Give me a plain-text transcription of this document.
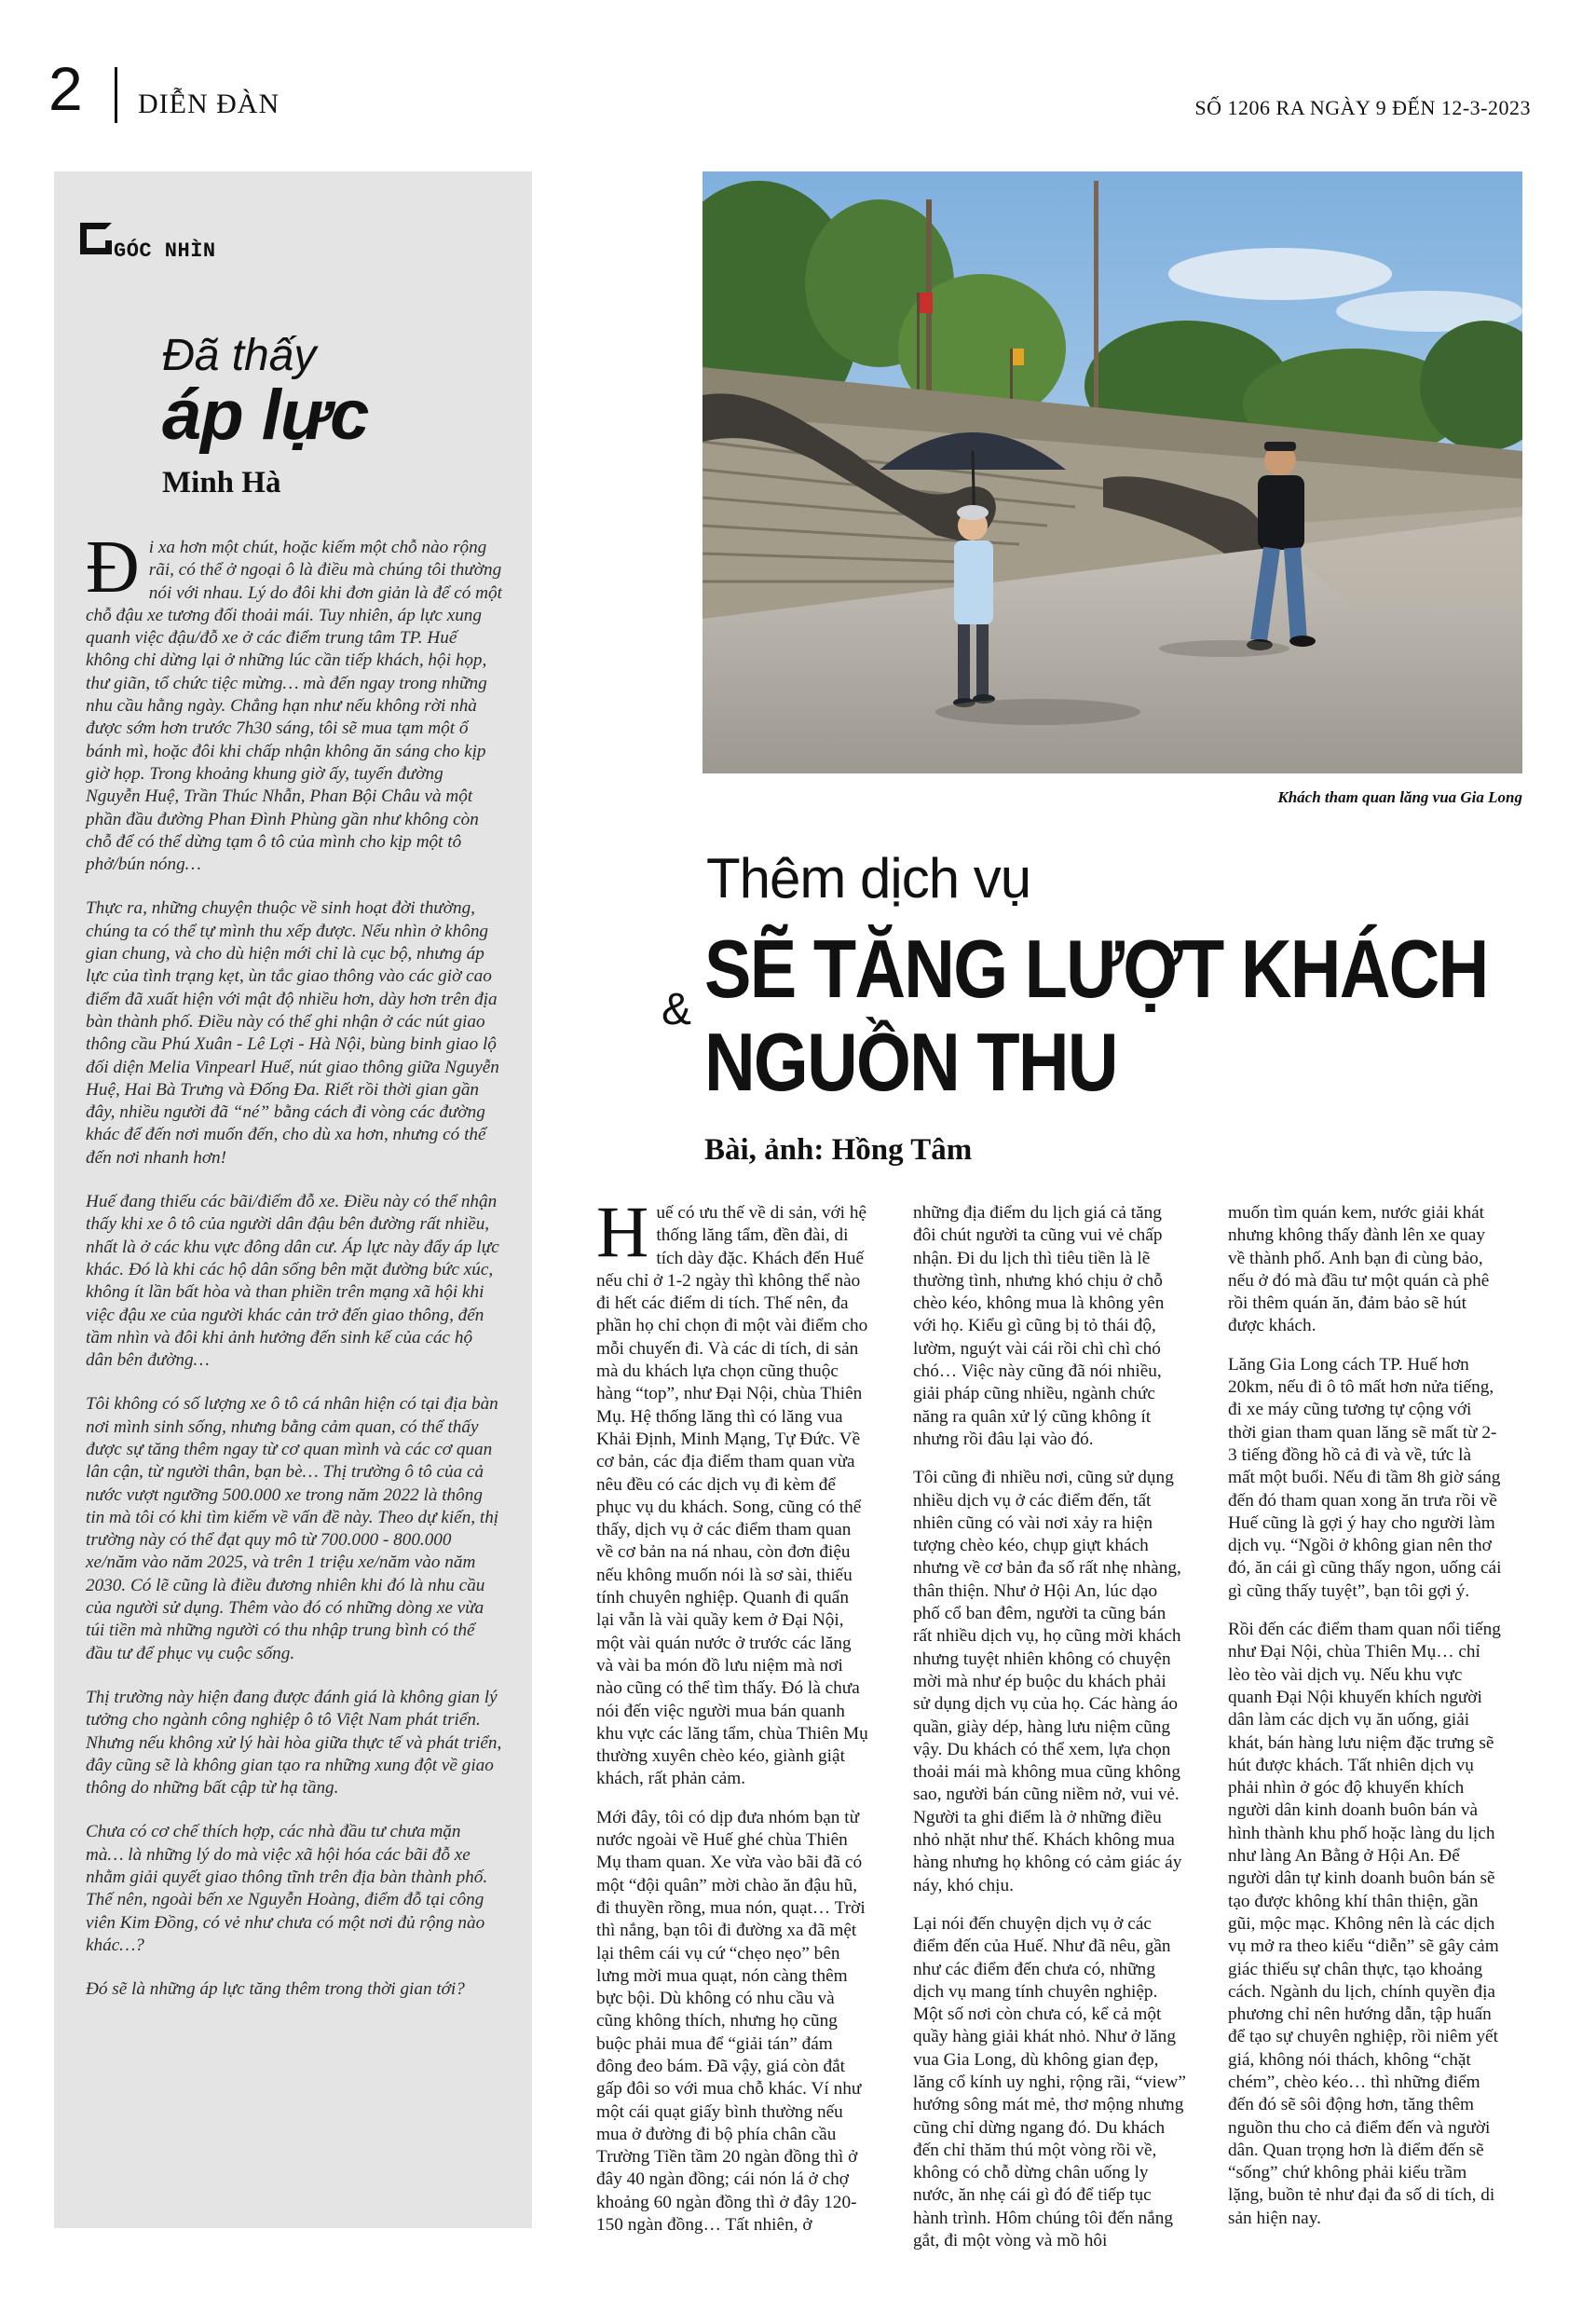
2 DIỄN ĐÀN	SỐ 1206 RA NGÀY 9 ĐẾN 12-3-2023
GÓC NHÌN
Đã thấy
áp lực
Minh Hà

Đi xa hơn một chút, hoặc kiếm một chỗ nào rộng rãi, có thể ở ngoại ô là điều mà chúng tôi thường nói với nhau. Lý do đôi khi đơn giản là để có một chỗ đậu xe tương đối thoải mái. Tuy nhiên, áp lực xung quanh việc đậu/đỗ xe ở các điểm trung tâm TP. Huế không chỉ dừng lại ở những lúc cần tiếp khách, hội họp, thư giãn, tổ chức tiệc mừng… mà đến ngay trong những nhu cầu hằng ngày. Chẳng hạn như nếu không rời nhà được sớm hơn trước 7h30 sáng, tôi sẽ mua tạm một ổ bánh mì, hoặc đôi khi chấp nhận không ăn sáng cho kịp giờ họp. Trong khoảng khung giờ ấy, tuyến đường Nguyễn Huệ, Trần Thúc Nhẫn, Phan Bội Châu và một phần đầu đường Phan Đình Phùng gần như không còn chỗ để có thể dừng tạm ô tô của mình cho kịp một tô phở/bún nóng…

Thực ra, những chuyện thuộc về sinh hoạt đời thường, chúng ta có thể tự mình thu xếp được. Nếu nhìn ở không gian chung, và cho dù hiện mới chỉ là cục bộ, nhưng áp lực của tình trạng kẹt, ùn tắc giao thông vào các giờ cao điểm đã xuất hiện với mật độ nhiều hơn, dày hơn trên địa bàn thành phố. Điều này có thể ghi nhận ở các nút giao thông cầu Phú Xuân - Lê Lợi - Hà Nội, bùng binh giao lộ đối diện Melia Vinpearl Huế, nút giao thông giữa Nguyễn Huệ, Hai Bà Trưng và Đống Đa. Riết rồi thời gian gần đây, nhiều người đã “né” bằng cách đi vòng các đường khác để đến nơi muốn đến, cho dù xa hơn, nhưng có thể đến nơi nhanh hơn!

Huế đang thiếu các bãi/điểm đỗ xe. Điều này có thể nhận thấy khi xe ô tô của người dân đậu bên đường rất nhiều, nhất là ở các khu vực đông dân cư. Áp lực này đẩy áp lực khác. Đó là khi các hộ dân sống bên mặt đường bức xúc, không ít lần bất hòa và than phiền trên mạng xã hội khi việc đậu xe của người khác cản trở đến giao thông, đến tầm nhìn và đôi khi ảnh hưởng đến sinh kế của các hộ dân bên đường…

Tôi không có số lượng xe ô tô cá nhân hiện có tại địa bàn nơi mình sinh sống, nhưng bằng cảm quan, có thể thấy được sự tăng thêm ngay từ cơ quan mình và các cơ quan lân cận, từ người thân, bạn bè… Thị trường ô tô của cả nước vượt ngưỡng 500.000 xe trong năm 2022 là thông tin mà tôi có khi tìm kiếm về vấn đề này. Theo dự kiến, thị trường này có thể đạt quy mô từ 700.000 - 800.000 xe/năm vào năm 2025, và trên 1 triệu xe/năm vào năm 2030. Có lẽ cũng là điều đương nhiên khi đó là nhu cầu của người sử dụng. Thêm vào đó có những dòng xe vừa túi tiền mà những người có thu nhập trung bình có thể đầu tư để phục vụ cuộc sống.

Thị trường này hiện đang được đánh giá là không gian lý tưởng cho ngành công nghiệp ô tô Việt Nam phát triển. Nhưng nếu không xử lý hài hòa giữa thực tế và phát triển, đây cũng sẽ là không gian tạo ra những xung đột về giao thông do những bất cập từ hạ tầng.

Chưa có cơ chế thích hợp, các nhà đầu tư chưa mặn mà… là những lý do mà việc xã hội hóa các bãi đỗ xe nhằm giải quyết giao thông tĩnh trên địa bàn thành phố. Thế nên, ngoài bến xe Nguyễn Hoàng, điểm đỗ tại công viên Kim Đồng, có vẻ như chưa có một nơi đủ rộng nào khác…?

Đó sẽ là những áp lực tăng thêm trong thời gian tới?

Khách tham quan lăng vua Gia Long
Thêm dịch vụ
SẼ TĂNG LƯỢT KHÁCH
&
NGUỒN THU
Bài, ảnh: Hồng Tâm

Huế có ưu thế về di sản, với hệ thống lăng tẩm, đền đài, di tích dày đặc. Khách đến Huế nếu chỉ ở 1-2 ngày thì không thể nào đi hết các điểm di tích. Thế nên, đa phần họ chỉ chọn đi một vài điểm cho mỗi chuyến đi. Và các di tích, di sản mà du khách lựa chọn cũng thuộc hàng “top”, như Đại Nội, chùa Thiên Mụ. Hệ thống lăng thì có lăng vua Khải Định, Minh Mạng, Tự Đức. Về cơ bản, các địa điểm tham quan vừa nêu đều có các dịch vụ đi kèm để phục vụ du khách. Song, cũng có thể thấy, dịch vụ ở các điểm tham quan về cơ bản na ná nhau, còn đơn điệu nếu không muốn nói là sơ sài, thiếu tính chuyên nghiệp. Quanh đi quẩn lại vẫn là vài quầy kem ở Đại Nội, một vài quán nước ở trước các lăng và vài ba món đồ lưu niệm mà nơi nào cũng có thể tìm thấy. Đó là chưa nói đến việc người mua bán quanh khu vực các lăng tẩm, chùa Thiên Mụ thường xuyên chèo kéo, giành giật khách, rất phản cảm.

Mới đây, tôi có dịp đưa nhóm bạn từ nước ngoài về Huế ghé chùa Thiên Mụ tham quan. Xe vừa vào bãi đã có một “đội quân” mời chào ăn đậu hũ, đi thuyền rồng, mua nón, quạt… Trời thì nắng, bạn tôi đi đường xa đã mệt lại thêm cái vụ cứ “chẹo nẹo” bên lưng mời mua quạt, nón càng thêm bực bội. Dù không có nhu cầu và cũng không thích, nhưng họ cũng buộc phải mua để “giải tán” đám đông đeo bám. Đã vậy, giá còn đắt gấp đôi so với mua chỗ khác. Ví như một cái quạt giấy bình thường nếu mua ở đường đi bộ phía chân cầu Trường Tiền tầm 20 ngàn đồng thì ở đây 40 ngàn đồng; cái nón lá ở chợ khoảng 60 ngàn đồng thì ở đây 120-150 ngàn đồng… Tất nhiên, ở

những địa điểm du lịch giá cả tăng đôi chút người ta cũng vui vẻ chấp nhận. Đi du lịch thì tiêu tiền là lẽ thường tình, nhưng khó chịu ở chỗ chèo kéo, không mua là không yên với họ. Kiểu gì cũng bị tỏ thái độ, lườm, nguýt vài cái rồi chì chì chó chó… Việc này cũng đã nói nhiều, giải pháp cũng nhiều, ngành chức năng ra quân xử lý cũng không ít nhưng rồi đâu lại vào đó.

Tôi cũng đi nhiều nơi, cũng sử dụng nhiều dịch vụ ở các điểm đến, tất nhiên cũng có vài nơi xảy ra hiện tượng chèo kéo, chụp giựt khách nhưng về cơ bản đa số rất nhẹ nhàng, thân thiện. Như ở Hội An, lúc dạo phố cổ ban đêm, người ta cũng bán rất nhiều dịch vụ, họ cũng mời khách nhưng tuyệt nhiên không có chuyện mời mà như ép buộc du khách phải sử dụng dịch vụ của họ. Các hàng áo quần, giày dép, hàng lưu niệm cũng vậy. Du khách có thể xem, lựa chọn thoải mái mà không mua cũng không sao, người bán cũng niềm nở, vui vẻ. Người ta ghi điểm là ở những điều nhỏ nhặt như thế. Khách không mua hàng nhưng họ không có cảm giác áy náy, khó chịu.

Lại nói đến chuyện dịch vụ ở các điểm đến của Huế. Như đã nêu, gần như các điểm đến chưa có, những dịch vụ mang tính chuyên nghiệp. Một số nơi còn chưa có, kể cả một quầy hàng giải khát nhỏ. Như ở lăng vua Gia Long, dù không gian đẹp, lăng cổ kính uy nghi, rộng rãi, “view” hướng sông mát mẻ, thơ mộng nhưng cũng chỉ dừng ngang đó. Du khách đến chỉ thăm thú một vòng rồi về, không có chỗ dừng chân uống ly nước, ăn nhẹ cái gì đó để tiếp tục hành trình. Hôm chúng tôi đến nắng gắt, đi một vòng và mồ hôi

muốn tìm quán kem, nước giải khát nhưng không thấy đành lên xe quay về thành phố. Anh bạn đi cùng bảo, nếu ở đó mà đầu tư một quán cà phê rồi thêm quán ăn, đảm bảo sẽ hút được khách.

Lăng Gia Long cách TP. Huế hơn 20km, nếu đi ô tô mất hơn nửa tiếng, đi xe máy cũng tương tự cộng với thời gian tham quan lăng sẽ mất từ 2-3 tiếng đồng hồ cả đi và về, tức là mất một buổi. Nếu đi tầm 8h giờ sáng đến đó tham quan xong ăn trưa rồi về Huế cũng là gợi ý hay cho người làm dịch vụ. “Ngồi ở không gian nên thơ đó, ăn cái gì cũng thấy ngon, uống cái gì cũng thấy tuyệt”, bạn tôi gợi ý.

Rồi đến các điểm tham quan nổi tiếng như Đại Nội, chùa Thiên Mụ… chỉ lèo tèo vài dịch vụ. Nếu khu vực quanh Đại Nội khuyến khích người dân làm các dịch vụ ăn uống, giải khát, bán hàng lưu niệm đặc trưng sẽ hút được khách. Tất nhiên dịch vụ phải nhìn ở góc độ khuyến khích người dân kinh doanh buôn bán và hình thành khu phố hoặc làng du lịch như làng An Bằng ở Hội An. Để người dân tự kinh doanh buôn bán sẽ tạo được không khí thân thiện, gần gũi, mộc mạc. Không nên là các dịch vụ mở ra theo kiểu “diễn” sẽ gây cảm giác thiếu sự chân thực, tạo khoảng cách. Ngành du lịch, chính quyền địa phương chỉ nên hướng dẫn, tập huấn để tạo sự chuyên nghiệp, rồi niêm yết giá, không nói thách, không “chặt chém”, chèo kéo… thì những điểm đến đó sẽ sôi động hơn, tăng thêm nguồn thu cho cả điểm đến và người dân. Quan trọng hơn là điểm đến sẽ “sống” chứ không phải kiểu trầm lặng, buồn tẻ như đại đa số di tích, di sản hiện nay.
